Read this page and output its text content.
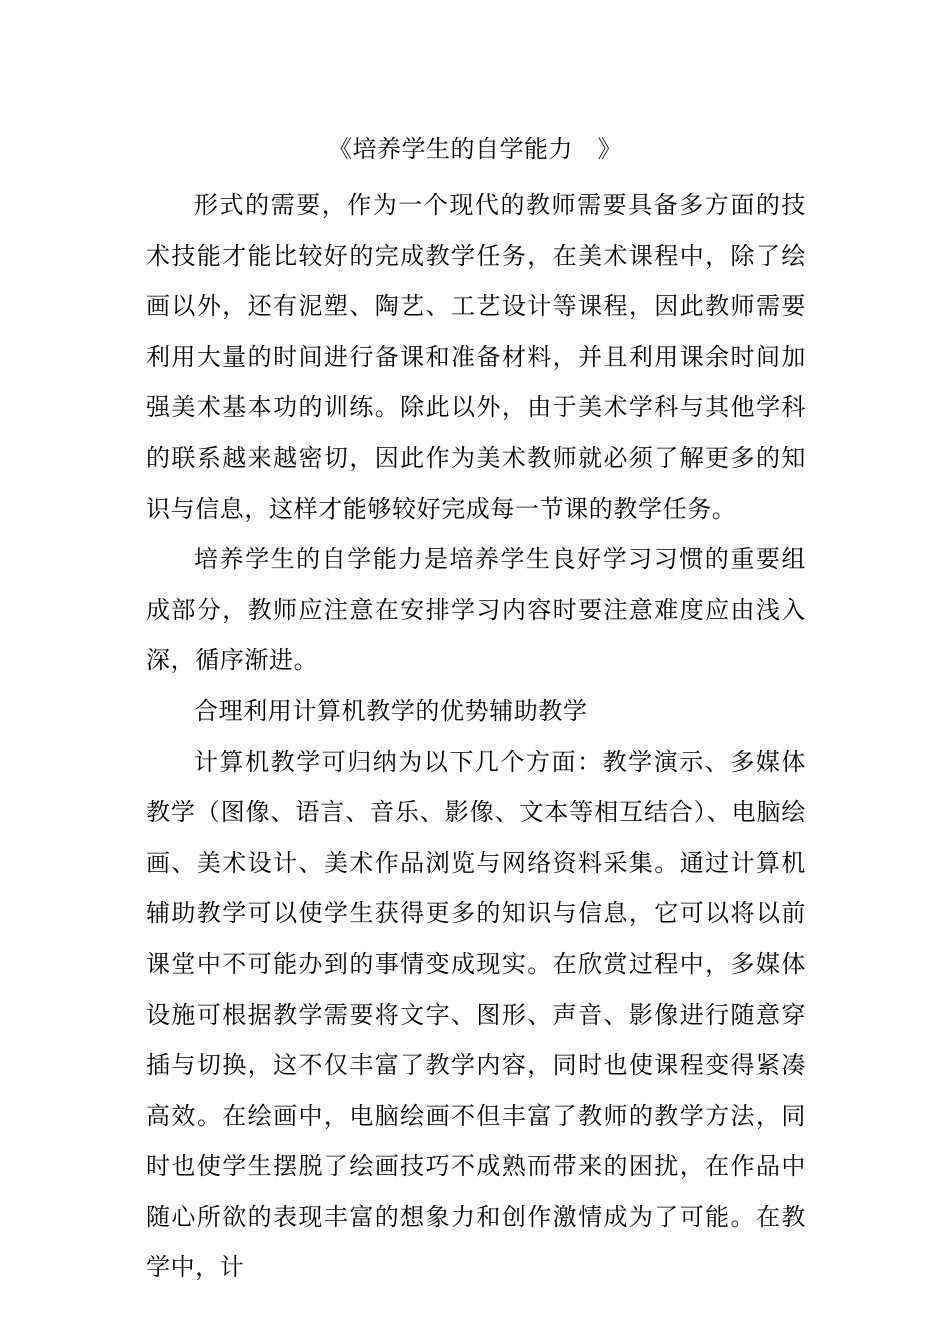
《培养学生的自学能力　》

形式的需要，作为一个现代的教师需要具备多方面的技术技能才能比较好的完成教学任务，在美术课程中，除了绘画以外，还有泥塑、陶艺、工艺设计等课程，因此教师需要利用大量的时间进行备课和准备材料，并且利用课余时间加强美术基本功的训练。除此以外，由于美术学科与其他学科的联系越来越密切，因此作为美术教师就必须了解更多的知识与信息，这样才能够较好完成每一节课的教学任务。

培养学生的自学能力是培养学生良好学习习惯的重要组成部分，教师应注意在安排学习内容时要注意难度应由浅入深，循序渐进。

合理利用计算机教学的优势辅助教学

计算机教学可归纳为以下几个方面：教学演示、多媒体教学（图像、语言、音乐、影像、文本等相互结合）、电脑绘画、美术设计、美术作品浏览与网络资料采集。通过计算机辅助教学可以使学生获得更多的知识与信息，它可以将以前课堂中不可能办到的事情变成现实。在欣赏过程中，多媒体设施可根据教学需要将文字、图形、声音、影像进行随意穿插与切换，这不仅丰富了教学内容，同时也使课程变得紧凑高效。在绘画中，电脑绘画不但丰富了教师的教学方法，同时也使学生摆脱了绘画技巧不成熟而带来的困扰，在作品中随心所欲的表现丰富的想象力和创作激情成为了可能。在教学中，计
